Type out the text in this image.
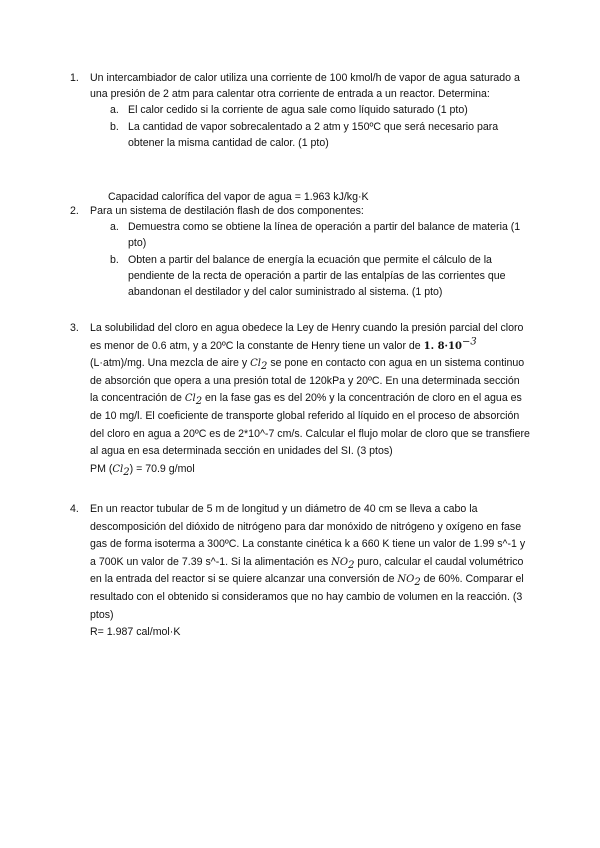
1. Un intercambiador de calor utiliza una corriente de 100 kmol/h de vapor de agua saturado a una presión de 2 atm para calentar otra corriente de entrada a un reactor. Determina:
a. El calor cedido si la corriente de agua sale como líquido saturado (1 pto)
b. La cantidad de vapor sobrecalentado a 2 atm y 150ºC que será necesario para obtener la misma cantidad de calor. (1 pto)
Capacidad calorífica del vapor de agua = 1.963 kJ/kg·K
2. Para un sistema de destilación flash de dos componentes:
a. Demuestra como se obtiene la línea de operación a partir del balance de materia (1 pto)
b. Obten a partir del balance de energía la ecuación que permite el cálculo de la pendiente de la recta de operación a partir de las entalpías de las corrientes que abandonan el destilador y del calor suministrado al sistema. (1 pto)
3. La solubilidad del cloro en agua obedece la Ley de Henry cuando la presión parcial del cloro es menor de 0.6 atm, y a 20ºC la constante de Henry tiene un valor de 1. $8\cdot 10^{-3}$ (L·atm)/mg. Una mezcla de aire y $Cl_2$ se pone en contacto con agua en un sistema continuo de absorción que opera a una presión total de 120kPa y 20ºC. En una determinada sección la concentración de $Cl_2$ en la fase gas es del 20% y la concentración de cloro en el agua es de 10 mg/l. El coeficiente de transporte global referido al líquido en el proceso de absorción del cloro en agua a 20ºC es de 2*10^-7 cm/s. Calcular el flujo molar de cloro que se transfiere al agua en esa determinada sección en unidades del SI. (3 ptos)
PM $(Cl_2) = 70.9$ g/mol
4. En un reactor tubular de 5 m de longitud y un diámetro de 40 cm se lleva a cabo la descomposición del dióxido de nitrógeno para dar monóxido de nitrógeno y oxígeno en fase gas de forma isoterma a 300ºC. La constante cinética k a 660 K tiene un valor de 1.99 s^-1 y a 700K un valor de 7.39 s^-1. Si la alimentación es $NO_2$ puro, calcular el caudal volumétrico en la entrada del reactor si se quiere alcanzar una conversión de $NO_2$ de 60%. Comparar el resultado con el obtenido si consideramos que no hay cambio de volumen en la reacción. (3 ptos)
R= 1.987 cal/mol·K
